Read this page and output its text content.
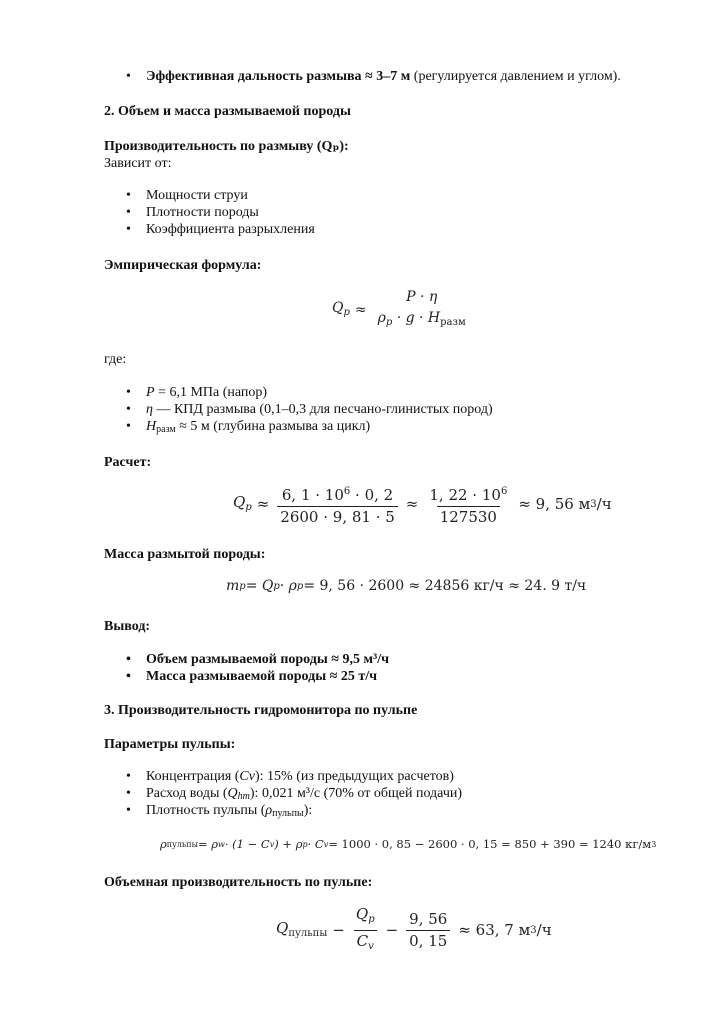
• Эффективная дальность размыва ≈ 3–7 м (регулируется давлением и углом).
2. Объем и масса размываемой породы
Производительность по размыву (Qₚ):
Зависит от:
• Мощности струи
• Плотности породы
• Коэффициента разрыхления
Эмпирическая формула:
$Q_p$ ≈
P · η
$\rho_p \cdot g \cdot H_{разм}$
где:
• P = 6,1 МПа (напор)
• η — КПД размыва (0,1–0,3 для песчано-глинистых пород)
• $H_{разм} \approx 5$ м (глубина размыва за цикл)
Расчет:
$Q_p \approx \frac{6, 1 \cdot 10^6 \cdot 0, 2}{2600 \cdot 9, 81 \cdot 5} \approx \frac{1, 22 \cdot 10^6}{127530} \approx 9$, 56 м 3 /ч
Масса размытой породы:
m p = Q p · ρ p = 9, 56 · 2600 ≈ 24856 кг/ч ≈ 24. 9 т/ч
Вывод:
• Объем размываемой породы ≈ 9,5 м³/ч
• Масса размываемой породы ≈ 25 т/ч
3. Производительность гидромонитора по пульпе
Параметры пульпы:
• Концентрация (Cv): 15% (из предыдущих расчетов)
• Расход воды $(Q_{hm})$: 0,021 м³/с (70% от общей подачи)
• Плотность пульпы $(\rho_{пульпы})$:
ρ пульпы = ρ w · (1 − C v ) + ρ p · C v = 1000 · 0, 85 − 2600 · 0, 15 = 850 + 390 = 1240 кг/м 3
Объемная производительность по пульпе:
$Q_{пульпы} - \frac{Q_p}{C_v} - \frac{9, 56}{0, 15} \approx 63$, 7 м 3 /ч
